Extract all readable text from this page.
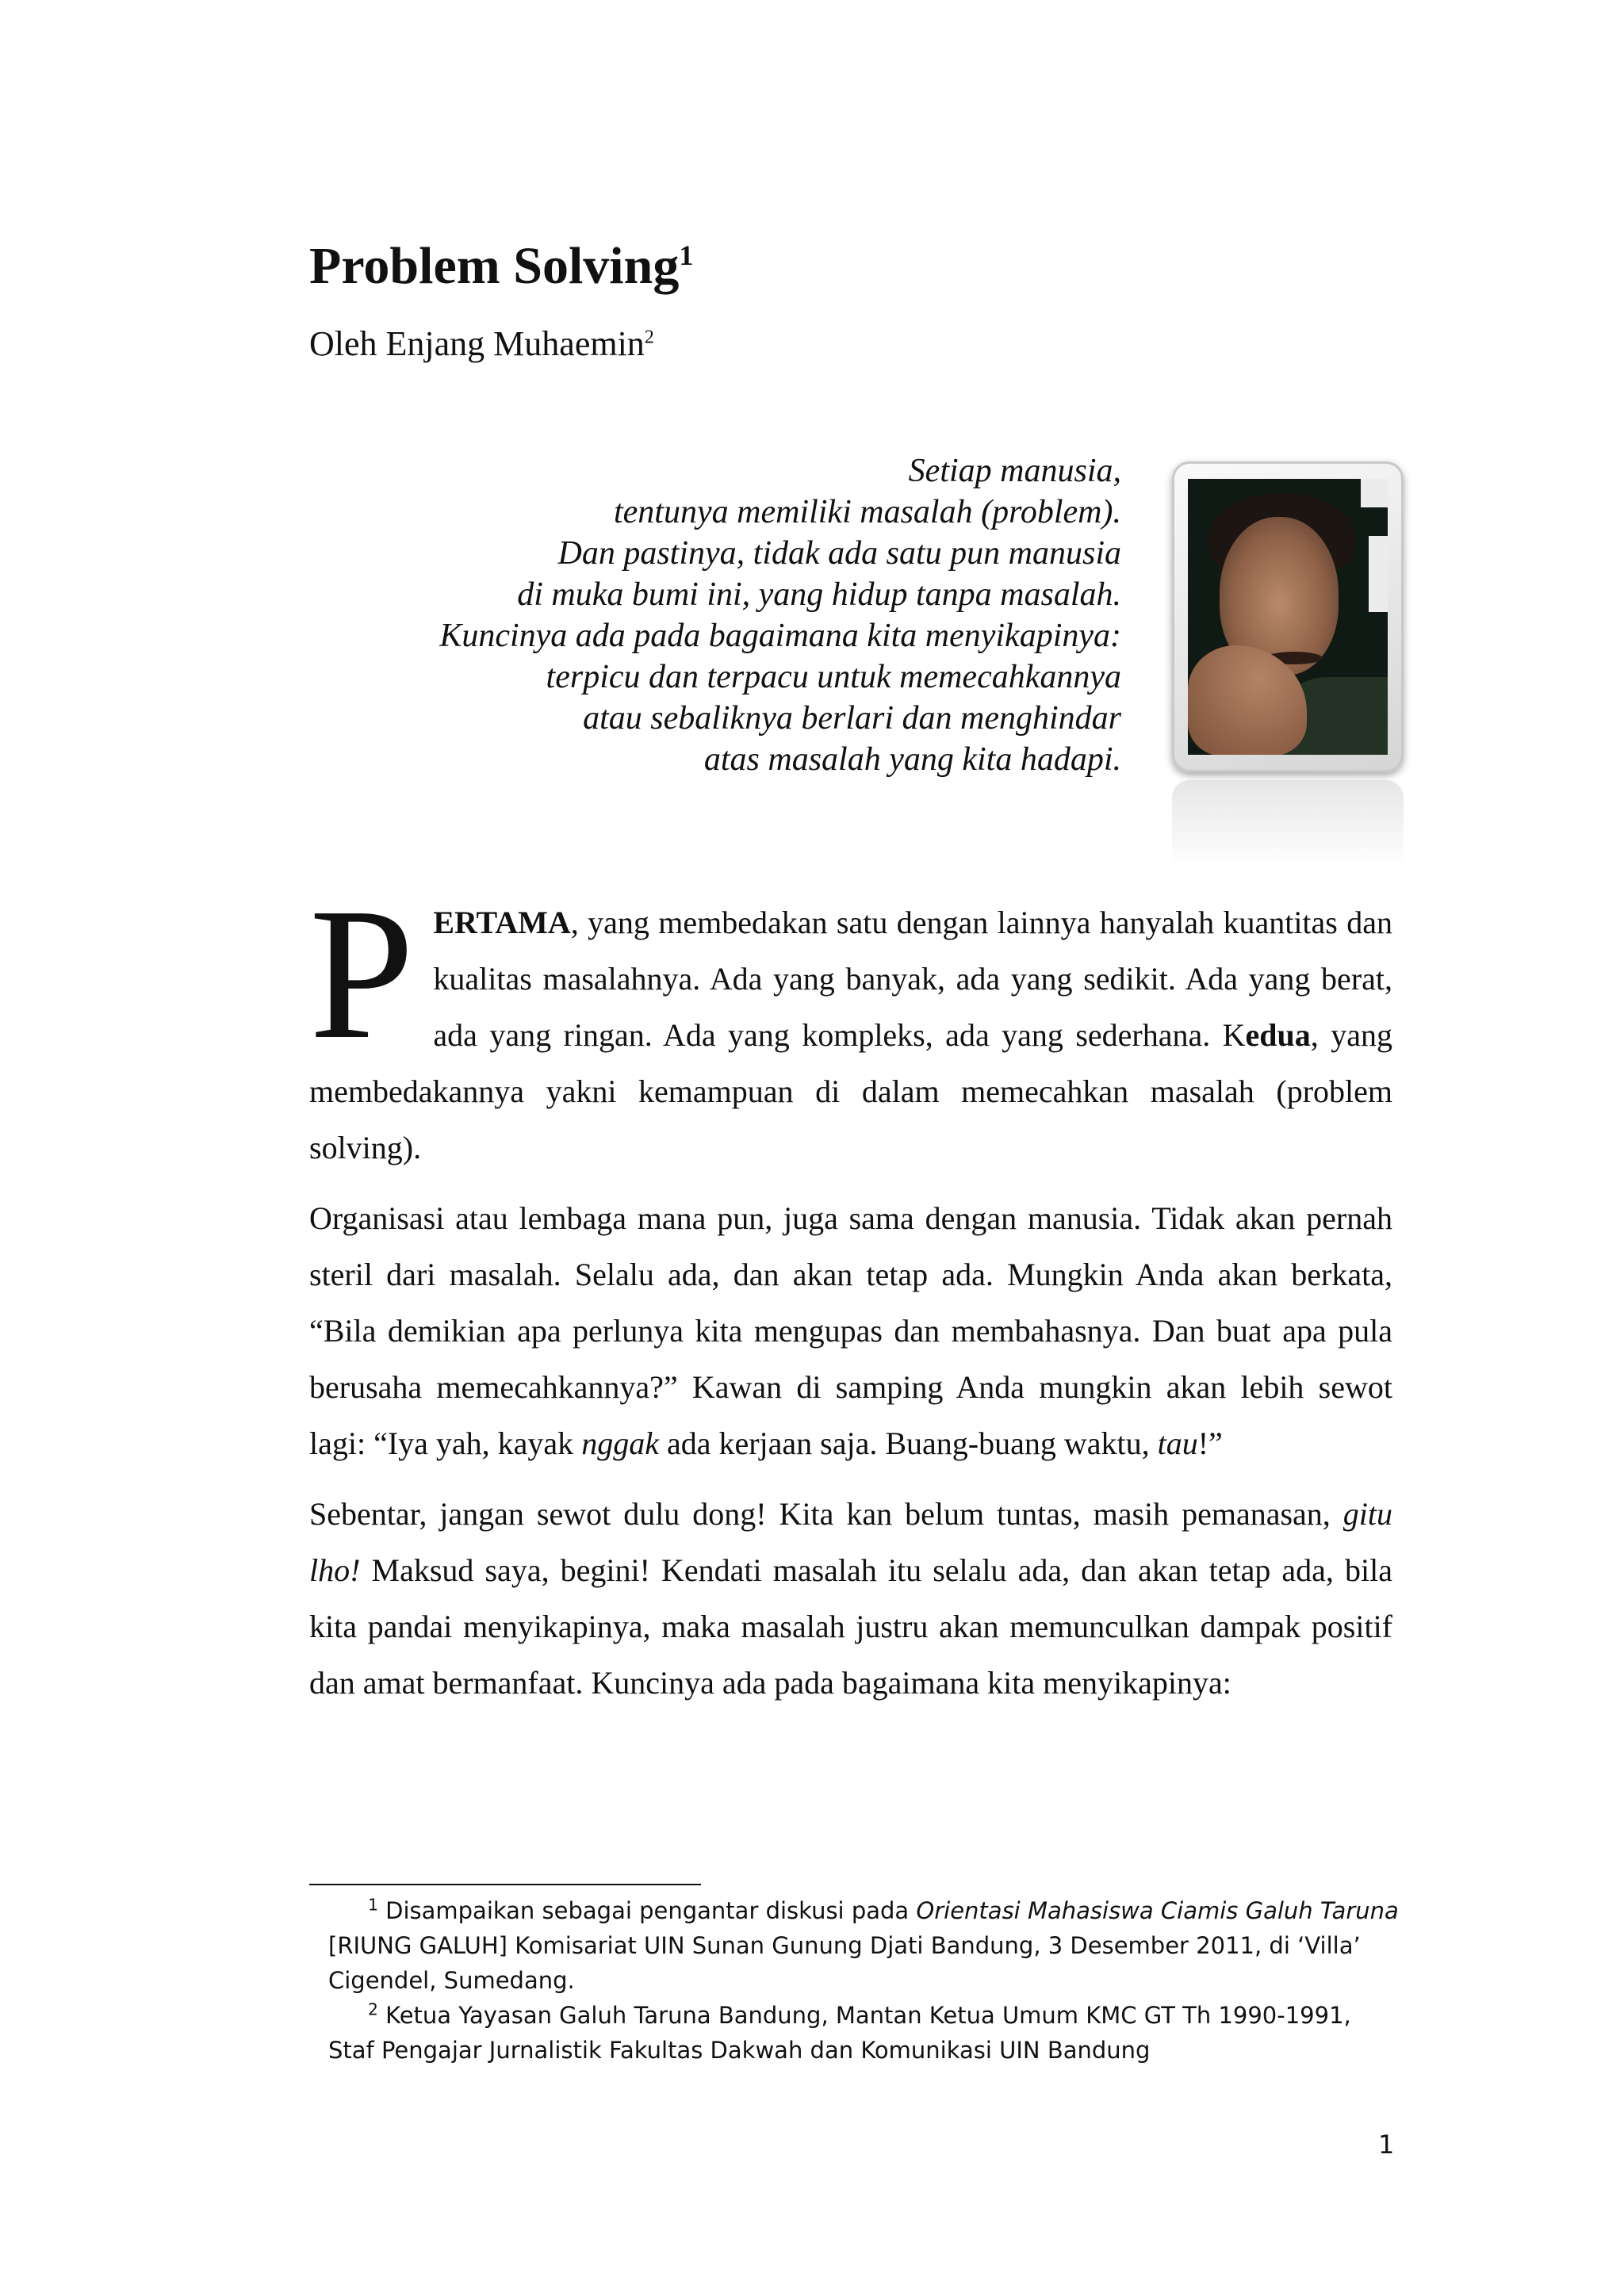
Problem Solving$^1$

Oleh Enjang Muhaemin$^2$

Setiap manusia,
tentunya memiliki masalah (problem).
Dan pastinya, tidak ada satu pun manusia
di muka bumi ini, yang hidup tanpa masalah.
Kuncinya ada pada bagaimana kita menyikapinya:
terpicu dan terpacu untuk memecahkannya
atau sebaliknya berlari dan menghindar
atas masalah yang kita hadapi.

PERTAMA, yang membedakan satu dengan lainnya hanyalah kuantitas dan kualitas masalahnya. Ada yang banyak, ada yang sedikit. Ada yang berat, ada yang ringan. Ada yang kompleks, ada yang sederhana. Kedua, yang membedakannya yakni kemampuan di dalam memecahkan masalah (problem solving).

Organisasi atau lembaga mana pun, juga sama dengan manusia. Tidak akan pernah steril dari masalah. Selalu ada, dan akan tetap ada. Mungkin Anda akan berkata, “Bila demikian apa perlunya kita mengupas dan membahasnya. Dan buat apa pula berusaha memecahkannya?” Kawan di samping Anda mungkin akan lebih sewot lagi: “Iya yah, kayak nggak ada kerjaan saja. Buang-buang waktu, tau!”

Sebentar, jangan sewot dulu dong! Kita kan belum tuntas, masih pemanasan, gitu lho! Maksud saya, begini! Kendati masalah itu selalu ada, dan akan tetap ada, bila kita pandai menyikapinya, maka masalah justru akan memunculkan dampak positif dan amat bermanfaat. Kuncinya ada pada bagaimana kita menyikapinya:

$^1$ Disampaikan sebagai pengantar diskusi pada Orientasi Mahasiswa Ciamis Galuh Taruna [RIUNG GALUH] Komisariat UIN Sunan Gunung Djati Bandung, 3 Desember 2011, di ‘Villa’ Cigendel, Sumedang.

$^2$ Ketua Yayasan Galuh Taruna Bandung, Mantan Ketua Umum KMC GT Th 1990-1991, Staf Pengajar Jurnalistik Fakultas Dakwah dan Komunikasi UIN Bandung

1
